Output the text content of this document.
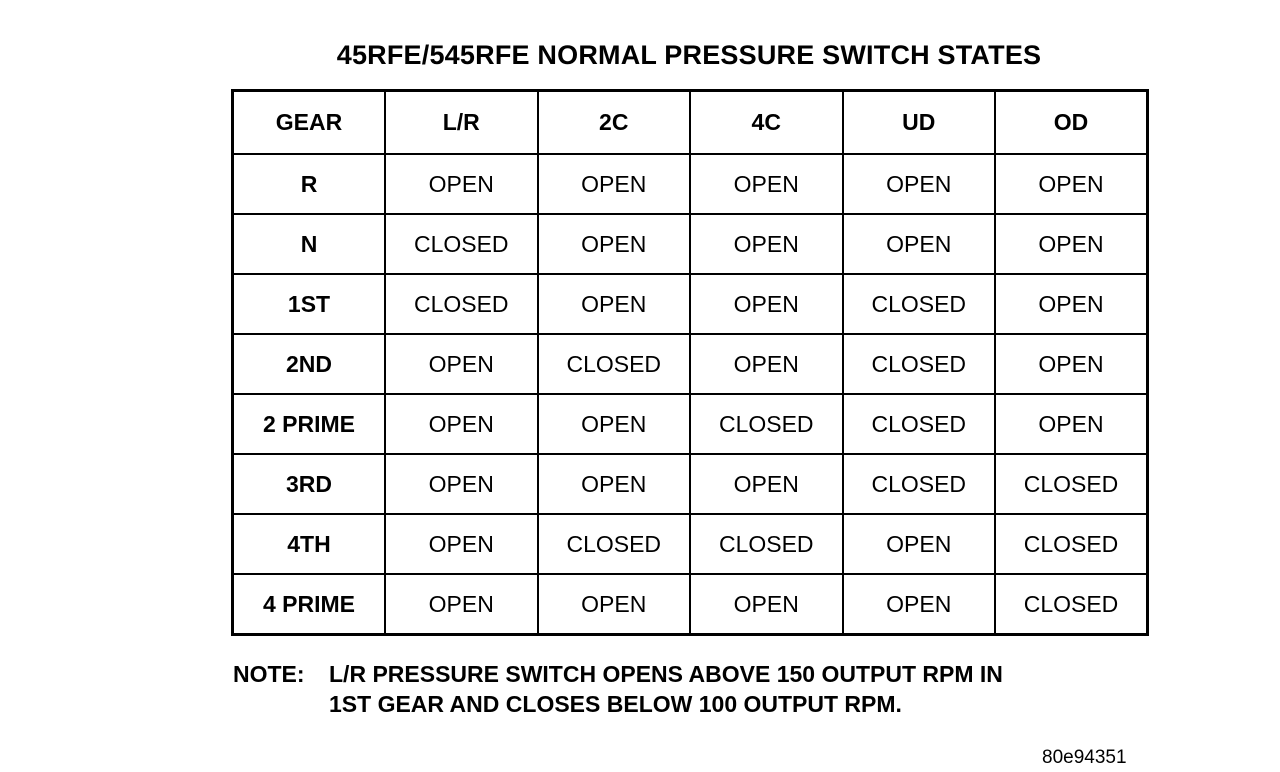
45RFE/545RFE NORMAL PRESSURE SWITCH STATES
GEAR	L/R	2C	4C	UD	OD
R	OPEN	OPEN	OPEN	OPEN	OPEN
N	CLOSED	OPEN	OPEN	OPEN	OPEN
1ST	CLOSED	OPEN	OPEN	CLOSED	OPEN
2ND	OPEN	CLOSED	OPEN	CLOSED	OPEN
2 PRIME	OPEN	OPEN	CLOSED	CLOSED	OPEN
3RD	OPEN	OPEN	OPEN	CLOSED	CLOSED
4TH	OPEN	CLOSED	CLOSED	OPEN	CLOSED
4 PRIME	OPEN	OPEN	OPEN	OPEN	CLOSED
NOTE:	L/R PRESSURE SWITCH OPENS ABOVE 150 OUTPUT RPM IN
1ST GEAR AND CLOSES BELOW 100 OUTPUT RPM.
80e94351
